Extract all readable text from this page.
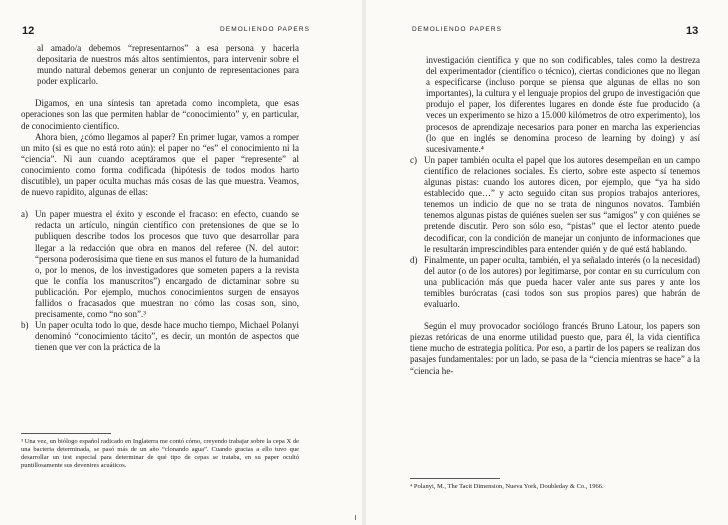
12	DEMOLIENDO PAPERS

al amado/a debemos “representarnos” a esa persona y hacerla depositaria de nuestros más altos sentimientos, para intervenir sobre el mundo natural debemos generar un conjunto de representaciones para poder explicarlo.

Digamos, en una síntesis tan apretada como incompleta, que esas operaciones son las que permiten hablar de “conocimiento” y, en particular, de conocimiento científico.

Ahora bien, ¿cómo llegamos al paper? En primer lugar, vamos a romper un mito (si es que no está roto aún): el paper no “es” el conocimiento ni la “ciencia”. Ni aun cuando aceptáramos que el paper “represente” al conocimiento como forma codificada (hipótesis de todos modos harto discutible), un paper oculta muchas más cosas de las que muestra. Veamos, de nuevo rapidito, algunas de ellas:

a) Un paper muestra el éxito y esconde el fracaso: en efecto, cuando se redacta un artículo, ningún científico con pretensiones de que se lo publiquen describe todos los procesos que tuvo que desarrollar para llegar a la redacción que obra en manos del referee (N. del autor: “persona poderosísima que tiene en sus manos el futuro de la humanidad o, por lo menos, de los investigadores que someten papers a la revista que le confía los manuscritos”) encargado de dictaminar sobre su publicación. Por ejemplo, muchos conocimientos surgen de ensayos fallidos o fracasados que muestran no cómo las cosas son, sino, precisamente, como “no son”.³
b) Un paper oculta todo lo que, desde hace mucho tiempo, Michael Polanyi denominó “conocimiento tácito”, es decir, un montón de aspectos que tienen que ver con la práctica de la
³ Una vez, un biólogo español radicado en Inglaterra me contó cómo, creyendo trabajar sobre la cepa X de una bacteria determinada, se pasó más de un año “clonando agua”. Cuando gracias a ello tuvo que desarrollar un test especial para determinar de qué tipo de cepas se trataba, en su paper ocultó puntillosamente sus devenires acuáticos.
DEMOLIENDO PAPERS	13

investigación científica y que no son codificables, tales como la destreza del experimentador (científico o técnico), ciertas condiciones que no llegan a especificarse (incluso porque se piensa que algunas de ellas no son importantes), la cultura y el lenguaje propios del grupo de investigación que produjo el paper, los diferentes lugares en donde éste fue producido (a veces un experimento se hizo a 15.000 kilómetros de otro experimento), los procesos de aprendizaje necesarios para poner en marcha las experiencias (lo que en inglés se denomina proceso de learning by doing) y así sucesivamente.⁴

c) Un paper también oculta el papel que los autores desempeñan en un campo científico de relaciones sociales. Es cierto, sobre este aspecto sí tenemos algunas pistas: cuando los autores dicen, por ejemplo, que “ya ha sido establecido que…” y acto seguido citan sus propios trabajos anteriores, tenemos un indicio de que no se trata de ningunos novatos. También tenemos algunas pistas de quiénes suelen ser sus “amigos” y con quiénes se pretende discutir. Pero son sólo eso, “pistas” que el lector atento puede decodificar, con la condición de manejar un conjunto de informaciones que le resultarán imprescindibles para entender quién y de qué está hablando.
d) Finalmente, un paper oculta, también, el ya señalado interés (o la necesidad) del autor (o de los autores) por legitimarse, por contar en su currículum con una publicación más que pueda hacer valer ante sus pares y ante los temibles burócratas (casi todos son sus propios pares) que habrán de evaluarlo.

Según el muy provocador sociólogo francés Bruno Latour, los papers son piezas retóricas de una enorme utilidad puesto que, para él, la vida científica tiene mucho de estrategia política. Por eso, a partir de los papers se realizan dos pasajes fundamentales: por un lado, se pasa de la “ciencia mientras se hace” a la “ciencia he-

⁴ Polanyi, M., The Tacit Dimension, Nueva York, Doubleday & Co., 1966.
